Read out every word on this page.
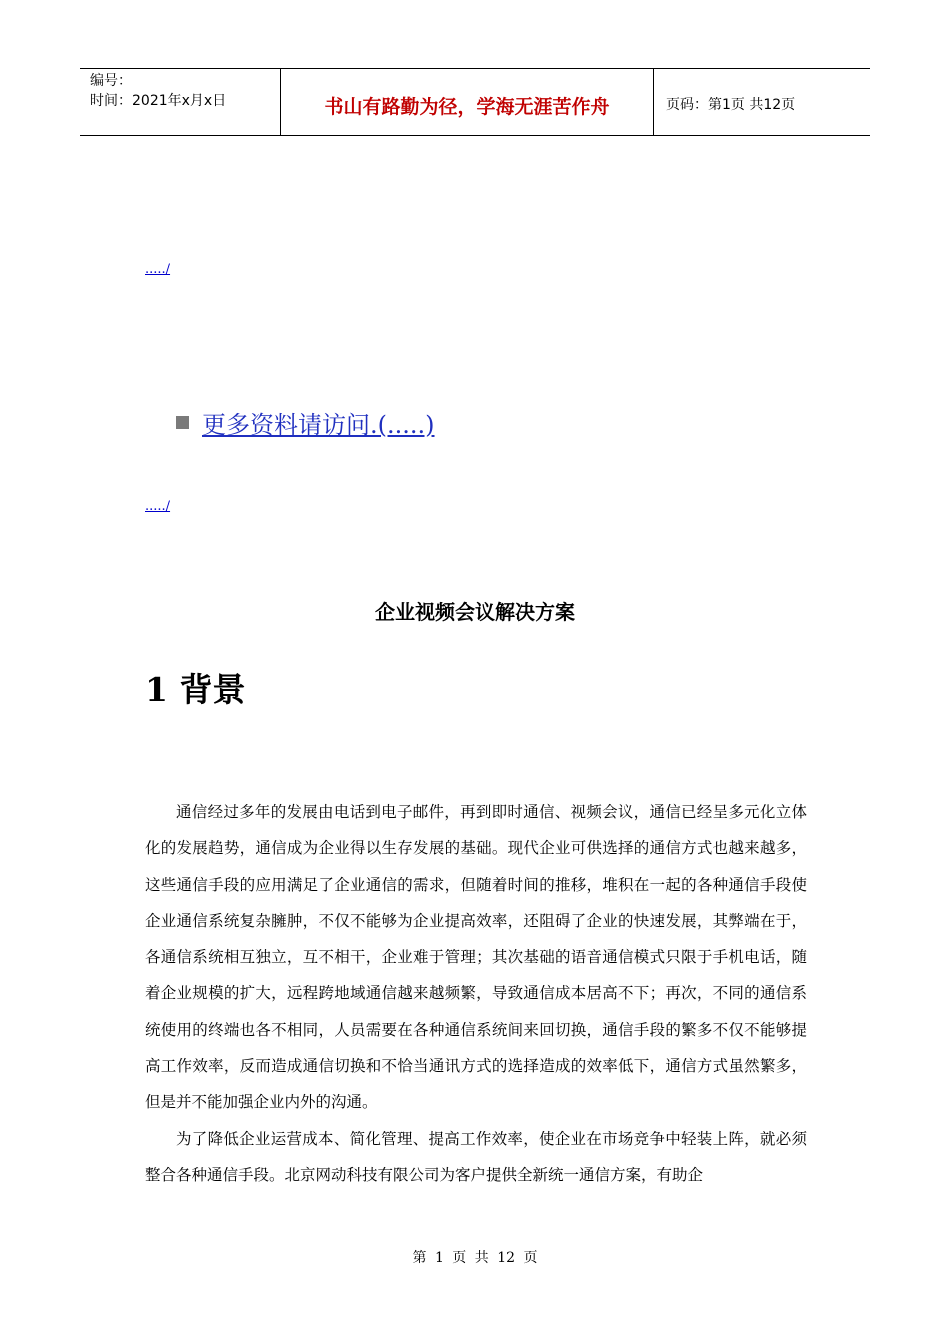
编号：
时间：2021年x月x日	书山有路勤为径，学海无涯苦作舟	页码：第1页 共12页
...../
更多资料请访问.(.....)
...../
企业视频会议解决方案
1 背景

通信经过多年的发展由电话到电子邮件，再到即时通信、视频会议，通信已经呈多元化立体化的发展趋势，通信成为企业得以生存发展的基础。现代企业可供选择的通信方式也越来越多，这些通信手段的应用满足了企业通信的需求，但随着时间的推移，堆积在一起的各种通信手段使企业通信系统复杂臃肿，不仅不能够为企业提高效率，还阻碍了企业的快速发展，其弊端在于，各通信系统相互独立，互不相干，企业难于管理；其次基础的语音通信模式只限于手机电话，随着企业规模的扩大，远程跨地域通信越来越频繁，导致通信成本居高不下；再次，不同的通信系统使用的终端也各不相同，人员需要在各种通信系统间来回切换，通信手段的繁多不仅不能够提高工作效率，反而造成通信切换和不恰当通讯方式的选择造成的效率低下，通信方式虽然繁多，但是并不能加强企业内外的沟通。

为了降低企业运营成本、简化管理、提高工作效率，使企业在市场竞争中轻装上阵，就必须整合各种通信手段。北京网动科技有限公司为客户提供全新统一通信方案，有助企

第 1 页 共 12 页
